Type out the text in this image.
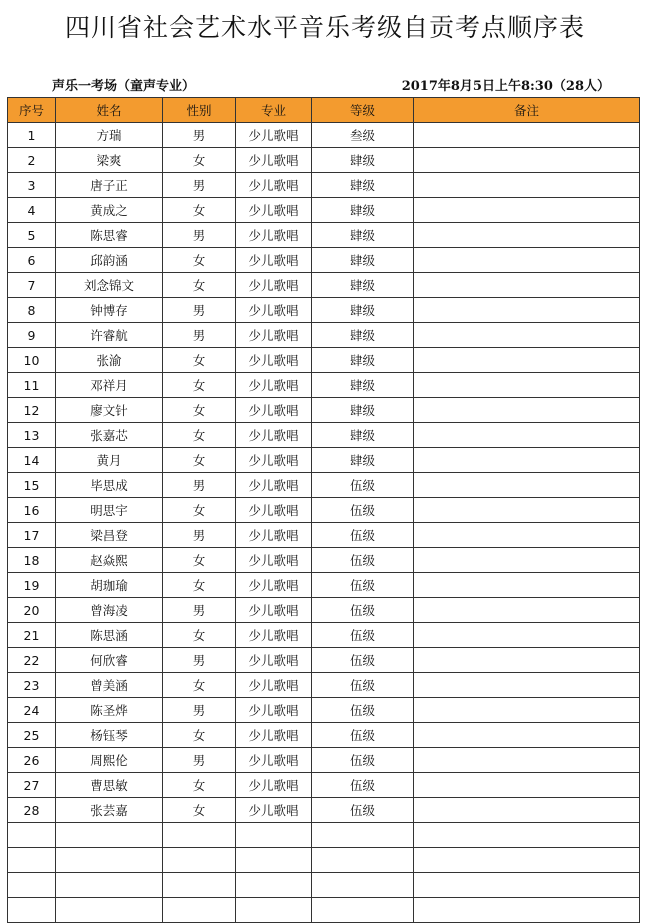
四川省社会艺术水平音乐考级自贡考点顺序表
声乐一考场（童声专业）	2017年8月5日上午8:30（28人）
序号	姓名	性别	专业	等级	备注
1	方瑞	男	少儿歌唱	叁级	
2	梁爽	女	少儿歌唱	肆级	
3	唐子正	男	少儿歌唱	肆级	
4	黄成之	女	少儿歌唱	肆级	
5	陈思睿	男	少儿歌唱	肆级	
6	邱韵涵	女	少儿歌唱	肆级	
7	刘念锦文	女	少儿歌唱	肆级	
8	钟博存	男	少儿歌唱	肆级	
9	许睿航	男	少儿歌唱	肆级	
10	张渝	女	少儿歌唱	肆级	
11	邓祥月	女	少儿歌唱	肆级	
12	廖文针	女	少儿歌唱	肆级	
13	张嘉芯	女	少儿歌唱	肆级	
14	黄月	女	少儿歌唱	肆级	
15	毕思成	男	少儿歌唱	伍级	
16	明思宇	女	少儿歌唱	伍级	
17	梁昌登	男	少儿歌唱	伍级	
18	赵焱熙	女	少儿歌唱	伍级	
19	胡珈瑜	女	少儿歌唱	伍级	
20	曾海凌	男	少儿歌唱	伍级	
21	陈思涵	女	少儿歌唱	伍级	
22	何欣睿	男	少儿歌唱	伍级	
23	曾美涵	女	少儿歌唱	伍级	
24	陈圣烨	男	少儿歌唱	伍级	
25	杨钰琴	女	少儿歌唱	伍级	
26	周熙伦	男	少儿歌唱	伍级	
27	曹思敏	女	少儿歌唱	伍级	
28	张芸嘉	女	少儿歌唱	伍级	
